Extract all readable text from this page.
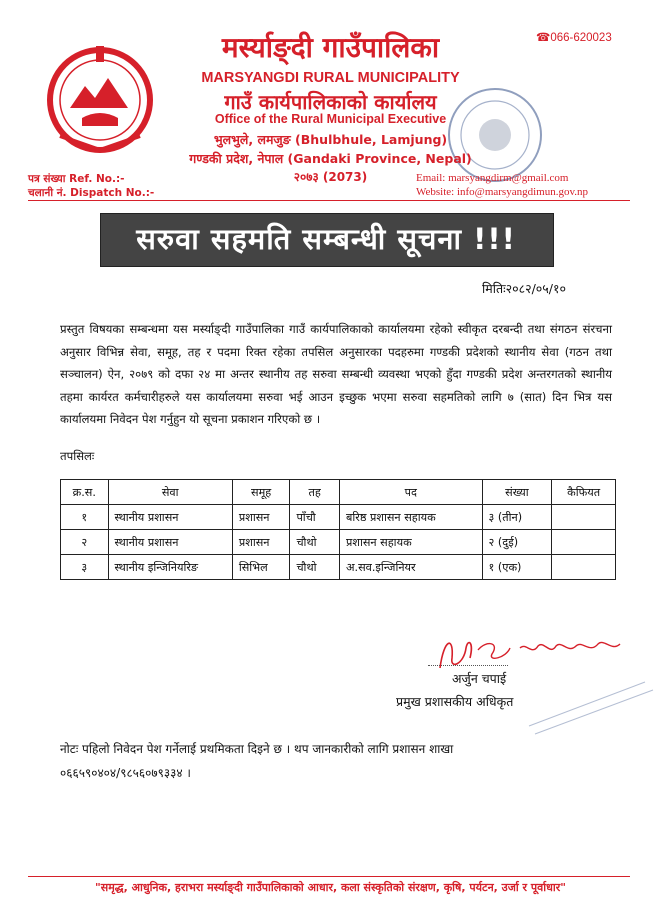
मर्स्याङ्दी गाउँपालिका
MARSYANGDI RURAL MUNICIPALITY
गाउँ कार्यपालिकाको कार्यालय
Office of the Rural Municipal Executive
भुलभुले, लमजुङ (Bhulbhule, Lamjung)
गण्डकी प्रदेश, नेपाल (Gandaki Province, Nepal)
२०७३ (2073)
☎066-620023
पत्र संख्या Ref. No.:-
चलानी नं. Dispatch No.:-
Email: marsyangdirm@gmail.com
Website: info@marsyangdimun.gov.np
सरुवा सहमति सम्बन्धी सूचना !!!
मितिः२०८२/०५/१०
प्रस्तुत विषयका सम्बन्धमा यस मर्स्याङ्दी गाउँपालिका गाउँ कार्यपालिकाको कार्यालयमा रहेको स्वीकृत दरबन्दी तथा संगठन संरचना अनुसार विभिन्न सेवा, समूह, तह र पदमा रिक्त रहेका तपसिल अनुसारका पदहरुमा गण्डकी प्रदेशको स्थानीय सेवा (गठन तथा सञ्चालन) ऐन, २०७९ को दफा २४ मा अन्तर स्थानीय तह सरुवा सम्बन्धी व्यवस्था भएको हुँदा गण्डकी प्रदेश अन्तरगतको स्थानीय तहमा कार्यरत कर्मचारीहरुले यस कार्यालयमा सरुवा भई आउन इच्छुक भएमा सरुवा सहमतिको लागि ७ (सात) दिन भित्र यस कार्यालयमा निवेदन पेश गर्नुहुन यो सूचना प्रकाशन गरिएको छ ।
तपसिलः
क्र.स.	सेवा	समूह	तह	पद	संख्या	कैफियत
१	स्थानीय प्रशासन	प्रशासन	पाँचौ	बरिष्ठ प्रशासन सहायक	३ (तीन)	
२	स्थानीय प्रशासन	प्रशासन	चौथो	प्रशासन सहायक	२ (दुई)	
३	स्थानीय इन्जिनियरिङ	सिभिल	चौथो	अ.सव.इन्जिनियर	१ (एक)	
अर्जुन चपाई
प्रमुख प्रशासकीय अधिकृत
नोटः पहिलो निवेदन पेश गर्नेलाई प्रथमिकता दिइने छ । थप जानकारीको लागि प्रशासन शाखा
०६६५९०४०४/९८५६०७९३३४ ।
"समृद्ध, आधुनिक, हराभरा मर्स्याङ्दी गाउँपालिकाको आधार, कला संस्कृतिको संरक्षण, कृषि, पर्यटन, उर्जा र पूर्वाधार"
